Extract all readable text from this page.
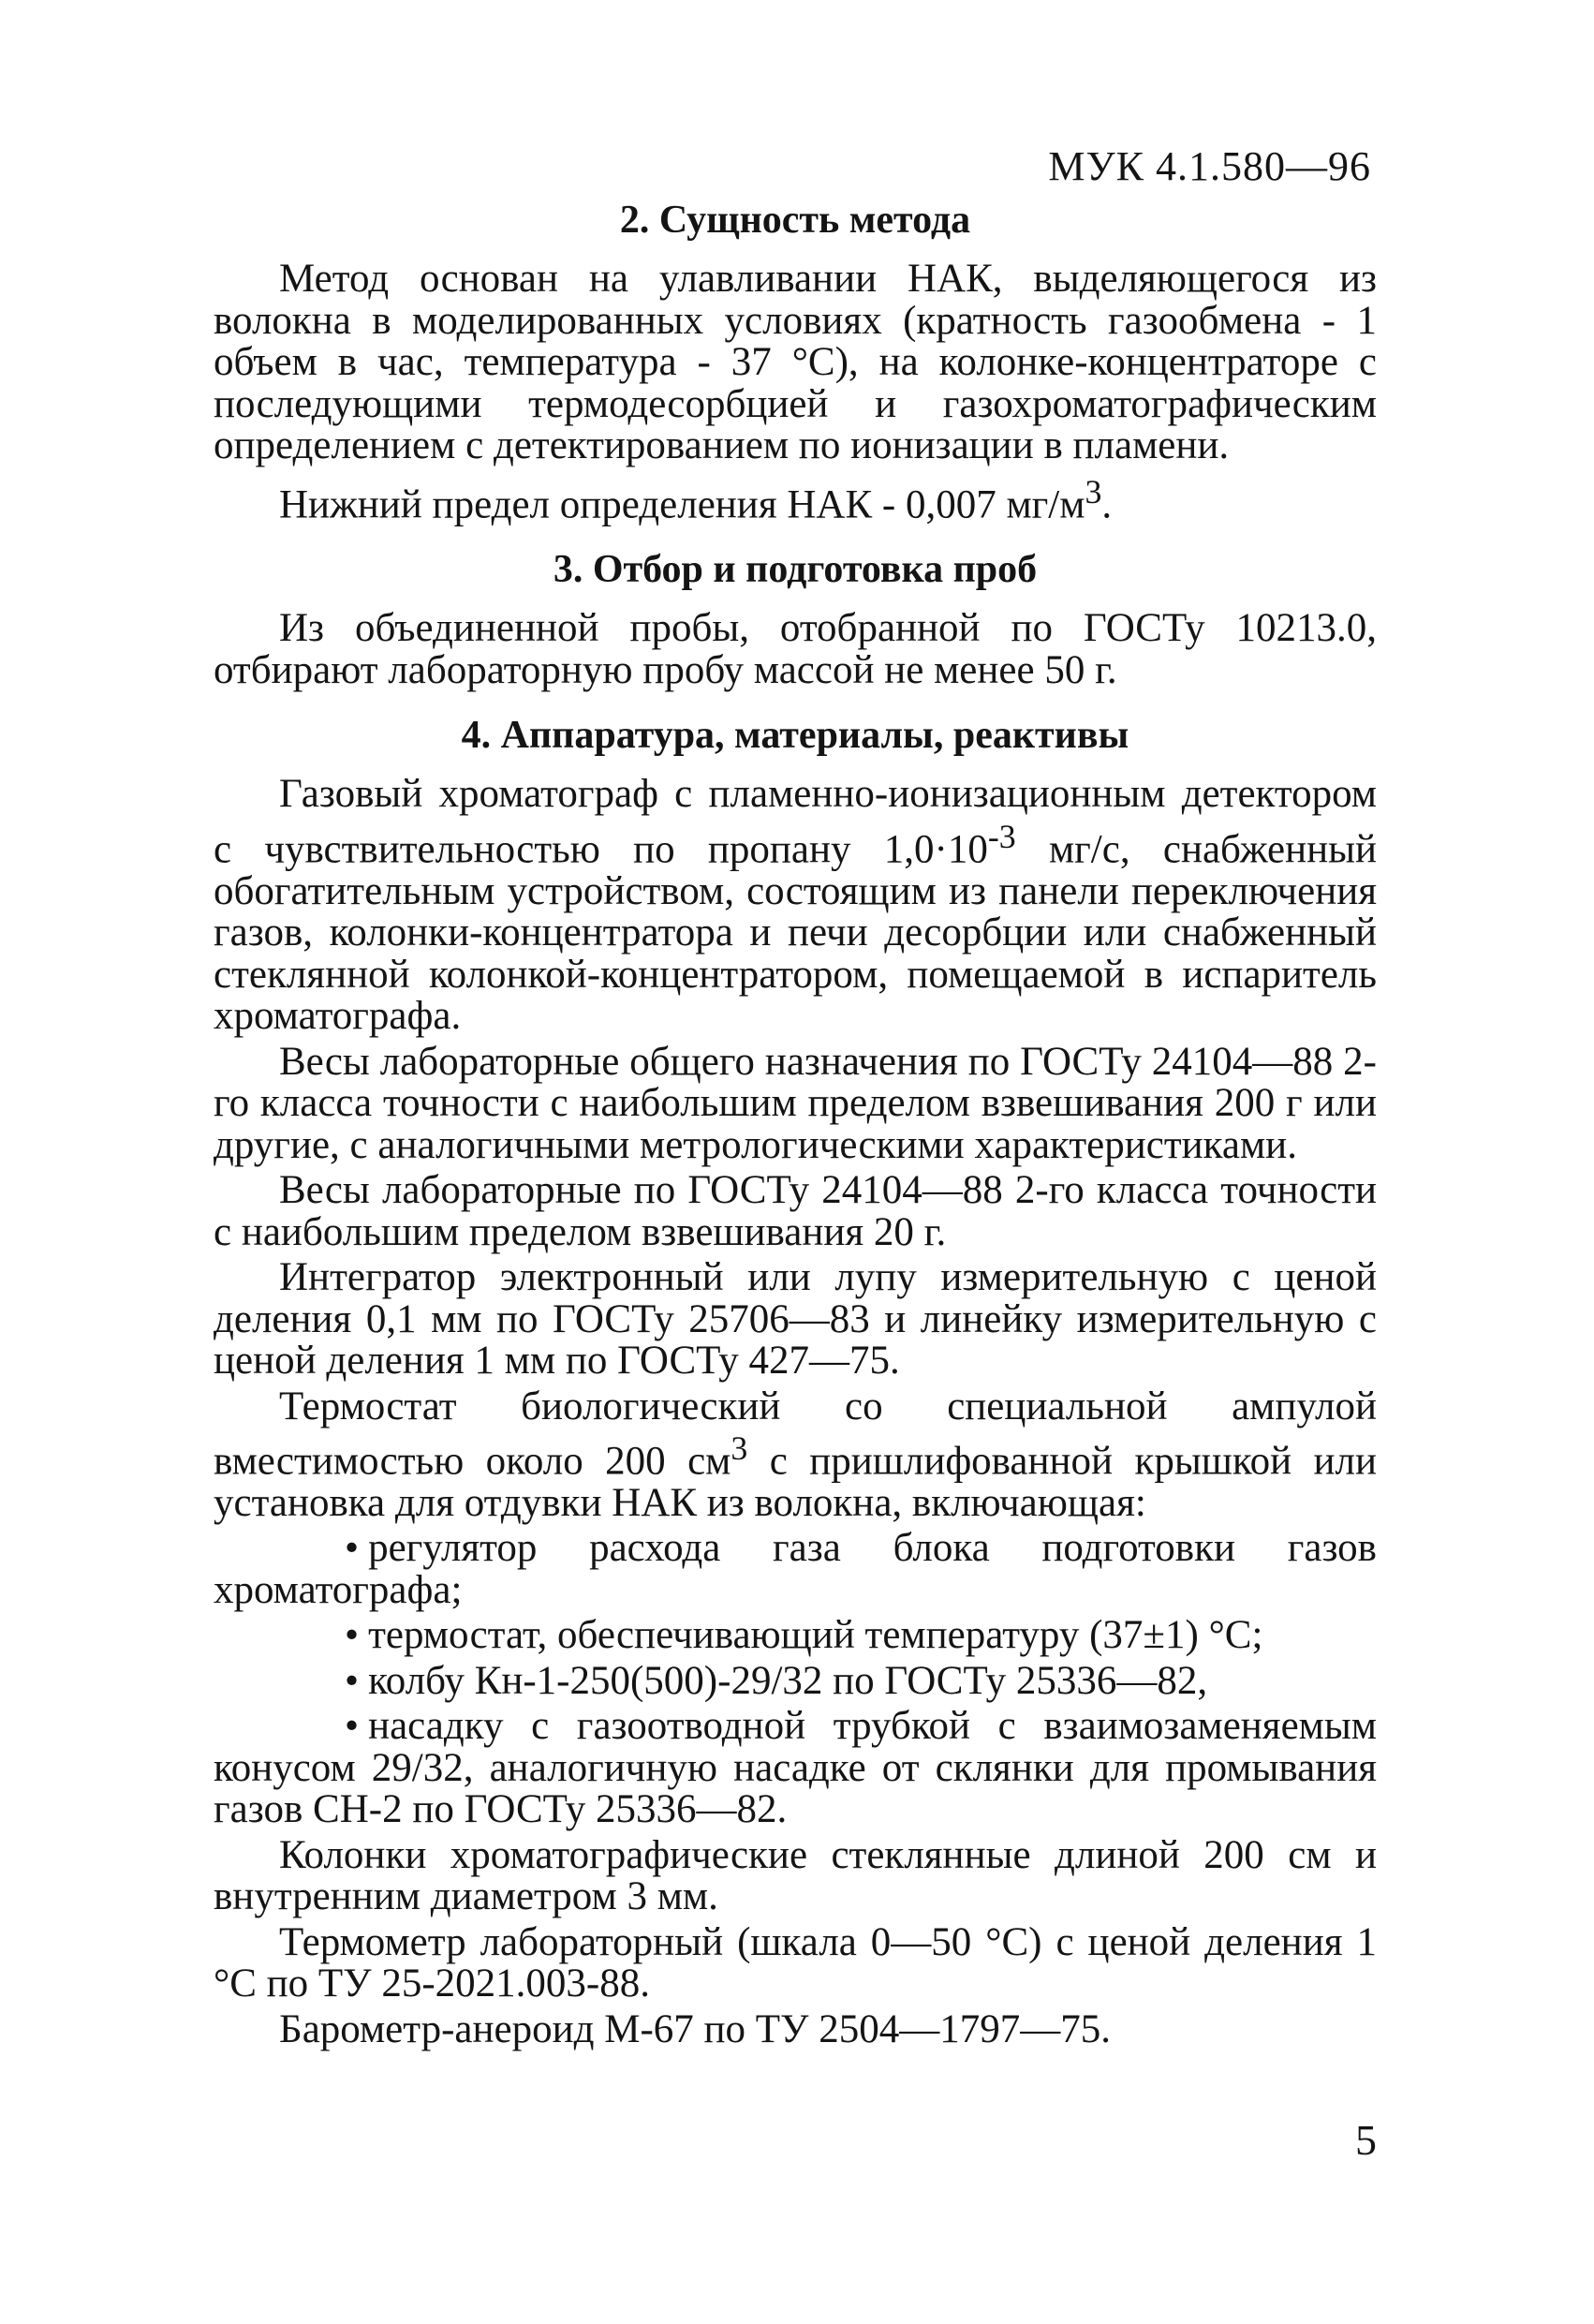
МУК 4.1.580—96
2. Сущность метода

Метод основан на улавливании НАК, выделяющегося из волокна в моделированных условиях (кратность газообмена - 1 объем в час, температура - 37 °С), на колонке-концентраторе с последующими термодесорбцией и газохроматографическим определением с детектированием по ионизации в пламени.

Нижний предел определения НАК - 0,007 $мг/м^3$.

3. Отбор и подготовка проб

Из объединенной пробы, отобранной по ГОСТу 10213.0, отбирают лабораторную пробу массой не менее 50 г.

4. Аппаратура, материалы, реактивы

Газовый хроматограф с пламенно-ионизационным детектором с чувствительностью по пропану $1,0\cdot 10^{-3}$ мг/с, снабженный обогатительным устройством, состоящим из панели переключения газов, колонки-концентратора и печи десорбции или снабженный стеклянной колонкой-концентратором, помещаемой в испаритель хроматографа.

Весы лабораторные общего назначения по ГОСТу 24104—88 2-го класса точности с наибольшим пределом взвешивания 200 г или другие, с аналогичными метрологическими характеристиками.

Весы лабораторные по ГОСТу 24104—88 2-го класса точности с наибольшим пределом взвешивания 20 г.

Интегратор электронный или лупу измерительную с ценой деления 0,1 мм по ГОСТу 25706—83 и линейку измерительную с ценой деления 1 мм по ГОСТу 427—75.

Термостат биологический со специальной ампулой вместимостью около 200 $см^3$ с пришлифованной крышкой или установка для отдувки НАК из волокна, включающая:

• регулятор расхода газа блока подготовки газов хроматографа;

• термостат, обеспечивающий температуру (37±1) °С;

• колбу Кн-1-250(500)-29/32 по ГОСТу 25336—82,

• насадку с газоотводной трубкой с взаимозаменяемым конусом 29/32, аналогичную насадке от склянки для промывания газов СН-2 по ГОСТу 25336—82.

Колонки хроматографические стеклянные длиной 200 см и внутренним диаметром 3 мм.

Термометр лабораторный (шкала 0—50 °С) с ценой деления 1 °С по ТУ 25-2021.003-88.

Барометр-анероид М-67 по ТУ 2504—1797—75.

5
